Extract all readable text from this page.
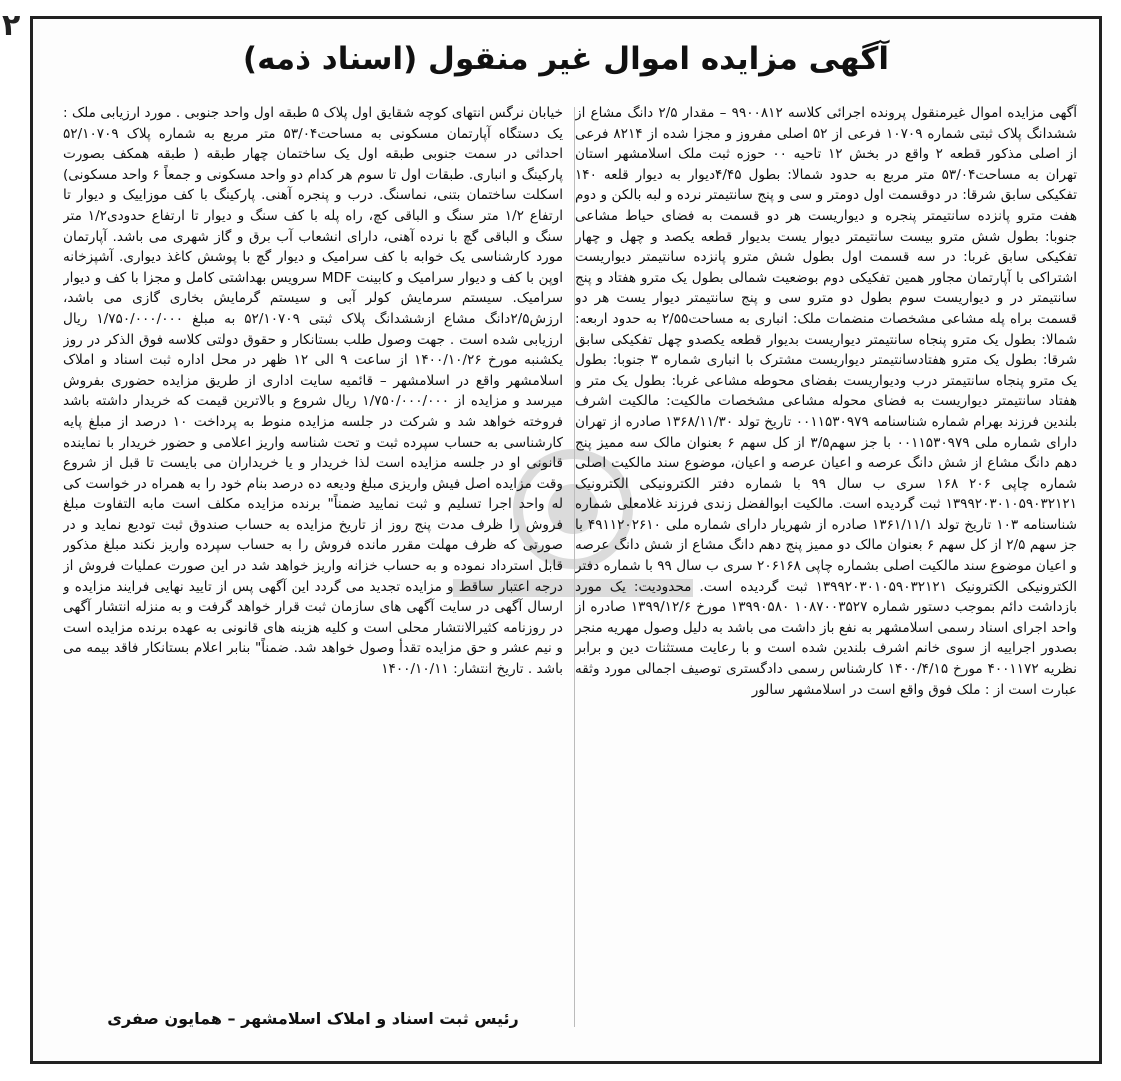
۲
آگهی مزایده اموال غیر منقول (اسناد ذمه)

آگهی مزایده اموال غیرمنقول پرونده اجرائی کلاسه ۹۹۰۰۸۱۲ – مقدار ۲/۵ دانگ مشاع از ششدانگ پلاک ثبتی شماره ۱۰۷۰۹ فرعی از ۵۲ اصلی مفروز و مجزا شده از ۸۲۱۴ فرعی از اصلی مذکور قطعه ۲ واقع در بخش ۱۲ تاحیه ۰۰ حوزه ثبت ملک اسلامشهر استان تهران به مساحت۵۳/۰۴ متر مربع به حدود شمالا: بطول ۴/۴۵دیوار به دیوار قلعه ۱۴۰ تفکیکی سابق شرقا: در دوقسمت اول دومتر و سی و پنج سانتیمتر نرده و لبه بالکن و دوم هفت مترو پانزده سانتیمتر پنجره و دیواریست هر دو قسمت به فضای حیاط مشاعی جنوبا: بطول شش مترو بیست سانتیمتر دیوار یست بدیوار قطعه یکصد و چهل و چهار تفکیکی سابق غربا: در سه قسمت اول بطول شش مترو پانزده سانتیمتر دیواریست اشتراکی با آپارتمان مجاور همین تفکیکی دوم بوضعیت شمالی بطول یک مترو هفتاد و پنج سانتیمتر در و دیواریست سوم بطول دو مترو سی و پنج سانتیمتر دیوار یست هر دو قسمت براه پله مشاعی مشخصات منضمات ملک: انباری به مساحت۲/۵۵ به حدود اربعه: شمالا: بطول یک مترو پنجاه سانتیمتر دیواریست بدیوار قطعه یکصدو چهل تفکیکی سابق شرقا: بطول یک مترو هفتادسانتیمتر دیواریست مشترک با انباری شماره ۳ جنوبا: بطول یک مترو پنجاه سانتیمتر درب ودیواریست بفضای محوطه مشاعی غربا: بطول یک متر و هفتاد سانتیمتر دیواریست به فضای محوله مشاعی مشخصات مالکیت: مالکیت اشرف بلندین فرزند بهرام شماره شناسنامه ۰۰۱۱۵۳۰۹۷۹ تاریخ تولد ۱۳۶۸/۱۱/۳۰ صادره از تهران دارای شماره ملی ۰۰۱۱۵۳۰۹۷۹ با جز سهم۳/۵ از کل سهم ۶ بعنوان مالک سه ممیز پنج دهم دانگ مشاع از شش دانگ عرصه و اعیان عرصه و اعیان، موضوع سند مالکیت اصلی شماره چاپی ۲۰۶ ۱۶۸ سری ب سال ۹۹ با شماره دفتر الکترونیکی الکترونیک ۱۳۹۹۲۰۳۰۱۰۵۹۰۳۲۱۲۱ ثبت گردیده است. مالکیت ابوالفضل زندی فرزند غلامعلی شماره شناسنامه ۱۰۳ تاریخ تولد ۱۳۶۱/۱۱/۱ صادره از شهریار دارای شماره ملی ۴۹۱۱۲۰۲۶۱۰ با جز سهم ۲/۵ از کل سهم ۶ بعنوان مالک دو ممیز پنج دهم دانگ مشاع از شش دانگ عرصه و اعیان موضوع سند مالکیت اصلی بشماره چاپی ۲۰۶۱۶۸ سری ب سال ۹۹ با شماره دفتر الکترونیکی الکترونیک ۱۳۹۹۲۰۳۰۱۰۵۹۰۳۲۱۲۱ ثبت گردیده است. محدودیت: یک مورد بازداشت دائم بموجب دستور شماره ۱۰۸۷۰۰۳۵۲۷ ۱۳۹۹۰۵۸۰ مورخ ۱۳۹۹/۱۲/۶ صادره از واحد اجرای اسناد رسمی اسلامشهر به نفع باز داشت می باشد به دلیل وصول مهریه منجر بصدور اجراییه از سوی خانم اشرف بلندین شده است و با رعایت مستثنات دین و برابر نظریه ۴۰۰۱۱۷۲ مورخ ۱۴۰۰/۴/۱۵ کارشناس رسمی دادگستری توصیف اجمالی مورد وثقه عبارت است از : ملک فوق واقع است در اسلامشهر سالور

خیابان نرگس انتهای کوچه شقایق اول پلاک ۵ طبقه اول واحد جنوبی . مورد ارزیابی ملک : یک دستگاه آپارتمان مسکونی به مساحت۵۳/۰۴ متر مربع به شماره پلاک ۵۲/۱۰۷۰۹ احداثی در سمت جنوبی طبقه اول یک ساختمان چهار طبقه ( طبقه همکف بصورت پارکینگ و انباری. طبقات اول تا سوم هر کدام دو واحد مسکونی و جمعاً ۶ واحد مسکونی) اسکلت ساختمان بتنی، نماسنگ. درب و پنجره آهنی. پارکینگ با کف موزاییک و دیوار تا ارتفاع ۱/۲ متر سنگ و الباقی کچ، راه پله با کف سنگ و دیوار تا ارتفاع حدودی۱/۲ متر سنگ و الباقی گچ با نرده آهنی، دارای انشعاب آب برق و گاز شهری می باشد. آپارتمان مورد کارشناسی یک خوابه با کف سرامیک و دیوار گچ با پوشش کاغذ دیواری. آشپزخانه اوپن با کف و دیوار سرامیک و کابینت MDF سرویس بهداشتی کامل و مجزا با کف و دیوار سرامیک. سیستم سرمایش کولر آبی و سیستم گرمایش بخاری گازی می باشد، ارزش۲/۵دانگ مشاع ازششدانگ پلاک ثبتی ۵۲/۱۰۷۰۹ به مبلغ ۱/۷۵۰/۰۰۰/۰۰۰ ریال ارزیابی شده است . جهت وصول طلب بستانکار و حقوق دولتی کلاسه فوق الذکر در روز یکشنبه مورخ ۱۴۰۰/۱۰/۲۶ از ساعت ۹ الی ۱۲ ظهر در محل اداره ثبت اسناد و املاک اسلامشهر واقع در اسلامشهر – قائمیه سایت اداری از طریق مزایده حضوری بفروش میرسد و مزایده از ۱/۷۵۰/۰۰۰/۰۰۰ ریال شروع و بالاترین قیمت که خریدار داشته باشد فروخته خواهد شد و شرکت در جلسه مزایده منوط به پرداخت ۱۰ درصد از مبلغ پایه کارشناسی به حساب سپرده ثبت و تحت شناسه واریز اعلامی و حضور خریدار با نماینده قانونی او در جلسه مزایده است لذا خریدار و یا خریداران می بایست تا قبل از شروع وقت مزایده اصل فیش واریزی مبلغ ودیعه ده درصد بنام خود را به همراه در خواست کی له واحد اجرا تسلیم و ثبت نمایید ضمناً" برنده مزایده مکلف است مابه التفاوت مبلغ فروش را ظرف مدت پنج روز از تاریخ مزایده به حساب صندوق ثبت تودیع نماید و در صورتی که ظرف مهلت مقرر مانده فروش را به حساب سپرده واریز نکند مبلغ مذکور قابل استرداد نموده و به حساب خزانه واریز خواهد شد در این صورت عملیات فروش از درجه اعتبار ساقط و مزایده تجدید می گردد این آگهی پس از تایید نهایی فرایند مزایده و ارسال آگهی در سایت آگهی های سازمان ثبت قرار خواهد گرفت و به منزله انتشار آگهی در روزنامه کثیرالانتشار محلی است و کلیه هزینه های قانونی به عهده برنده مزایده است و نیم عشر و حق مزایده تقدأ وصول خواهد شد. ضمناً" بنابر اعلام بستانکار فاقد بیمه می باشد . تاریخ انتشار: ۱۴۰۰/۱۰/۱۱

رئیس ثبت اسناد و املاک اسلامشهر – همایون صفری
